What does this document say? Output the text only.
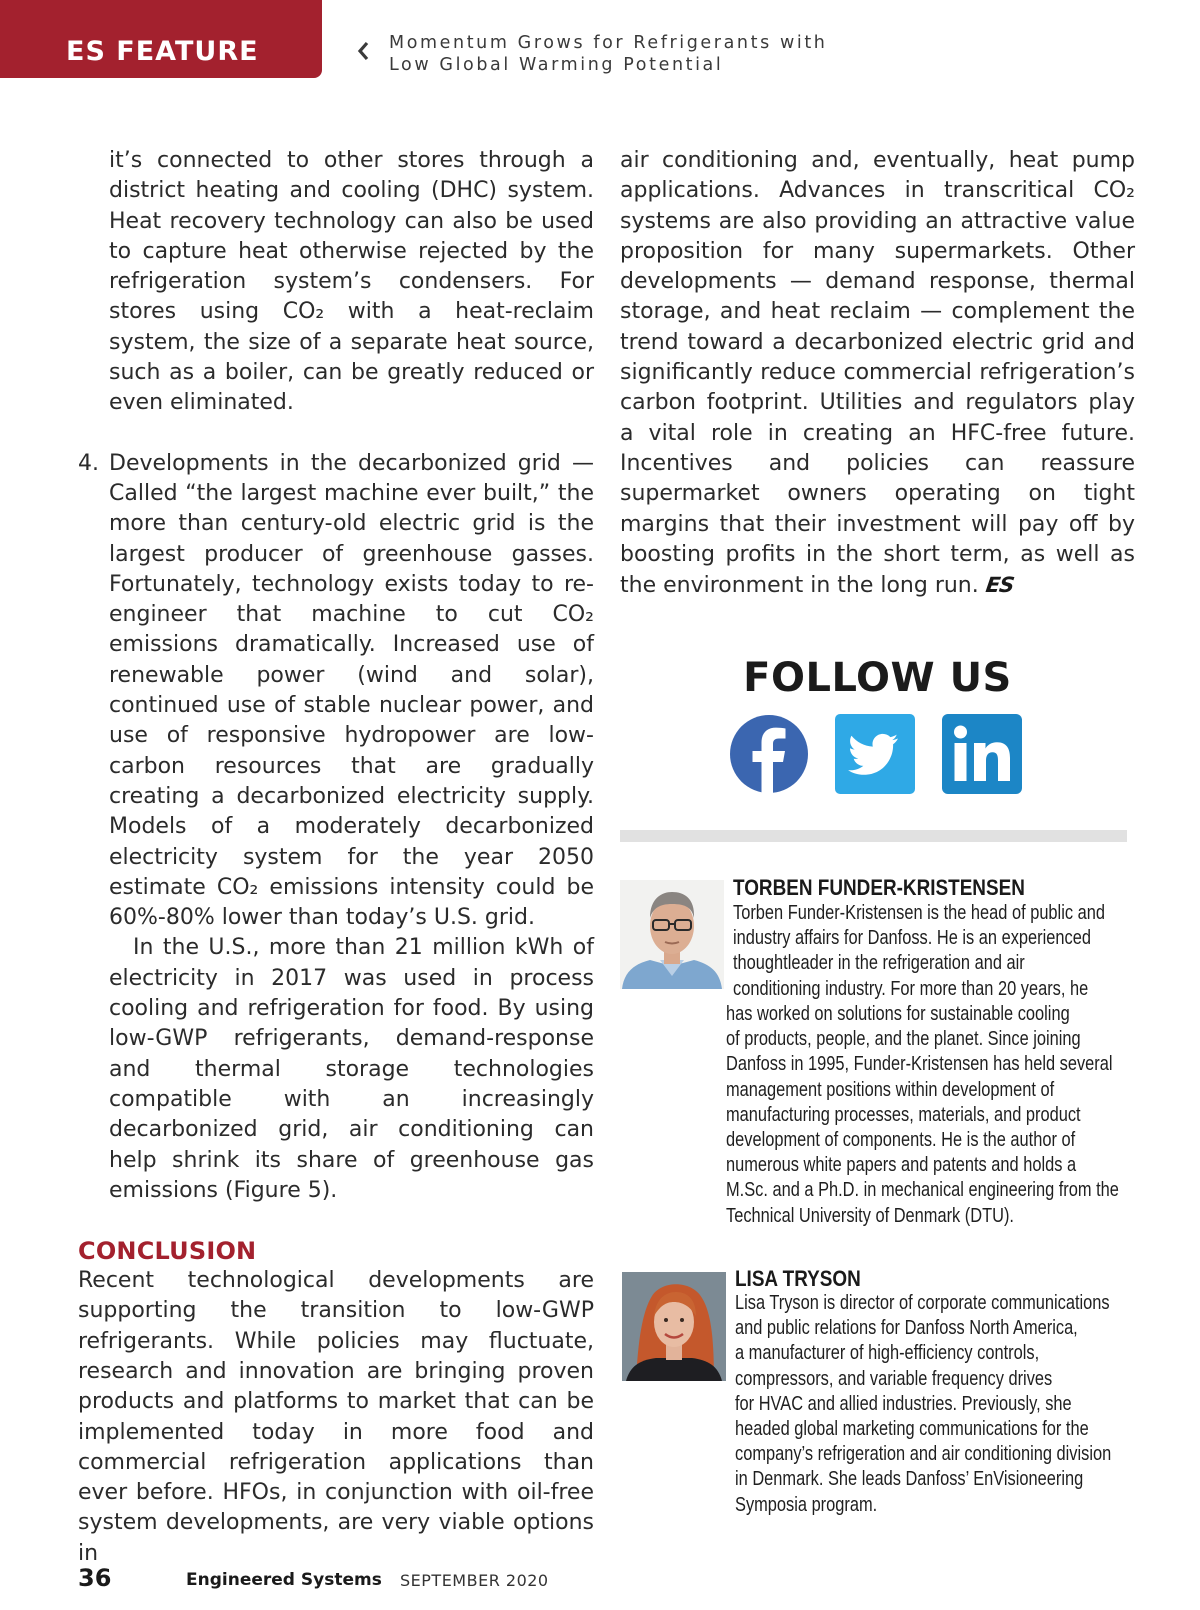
ES FEATURE	Momentum Grows for Refrigerants with
Low Global Warming Potential

it’s connected to other stores through a district heating and cooling (DHC) system. Heat recovery technology can also be used to capture heat otherwise rejected by the refrigeration system’s condensers. For stores using CO₂ with a heat-reclaim system, the size of a separate heat source, such as a boiler, can be greatly reduced or even eliminated.

4. Developments in the decarbonized grid — Called “the largest machine ever built,” the more than century-old electric grid is the largest producer of greenhouse gasses. Fortunately, technology exists today to re-engineer that machine to cut CO₂ emissions dramatically. Increased use of renewable power (wind and solar), continued use of stable nuclear power, and use of responsive hydropower are low-carbon resources that are gradually creating a decarbonized electricity supply. Models of a moderately decarbonized electricity system for the year 2050 estimate CO₂ emissions intensity could be 60%-80% lower than today’s U.S. grid.

In the U.S., more than 21 million kWh of electricity in 2017 was used in process cooling and refrigeration for food. By using low-GWP refrigerants, demand-response and thermal storage technologies compatible with an increasingly decarbonized grid, air conditioning can help shrink its share of greenhouse gas emissions (Figure 5).

CONCLUSION

Recent technological developments are supporting the transition to low-GWP refrigerants. While policies may fluctuate, research and innovation are bringing proven products and platforms to market that can be implemented today in more food and commercial refrigeration applications than ever before. HFOs, in conjunction with oil-free system developments, are very viable options in

air conditioning and, eventually, heat pump applications. Advances in transcritical CO₂ systems are also providing an attractive value proposition for many supermarkets. Other developments — demand response, thermal storage, and heat reclaim — complement the trend toward a decarbonized electric grid and significantly reduce commercial refrigeration’s carbon footprint. Utilities and regulators play a vital role in creating an HFC-free future. Incentives and policies can reassure supermarket owners operating on tight margins that their investment will pay off by boosting profits in the short term, as well as the environment in the long run. ES

FOLLOW US
TORBEN FUNDER-KRISTENSEN
Torben Funder-Kristensen is the head of public and
industry affairs for Danfoss. He is an experienced
thoughtleader in the refrigeration and air
conditioning industry. For more than 20 years, he
has worked on solutions for sustainable cooling
of products, people, and the planet. Since joining
Danfoss in 1995, Funder-Kristensen has held several
management positions within development of
manufacturing processes, materials, and product
development of components. He is the author of
numerous white papers and patents and holds a
M.Sc. and a Ph.D. in mechanical engineering from the
Technical University of Denmark (DTU).
LISA TRYSON
Lisa Tryson is director of corporate communications
and public relations for Danfoss North America,
a manufacturer of high-efficiency controls,
compressors, and variable frequency drives
for HVAC and allied industries. Previously, she
headed global marketing communications for the
company’s refrigeration and air conditioning division
in Denmark. She leads Danfoss’ EnVisioneering
Symposia program.
36	Engineered Systems SEPTEMBER 2020
